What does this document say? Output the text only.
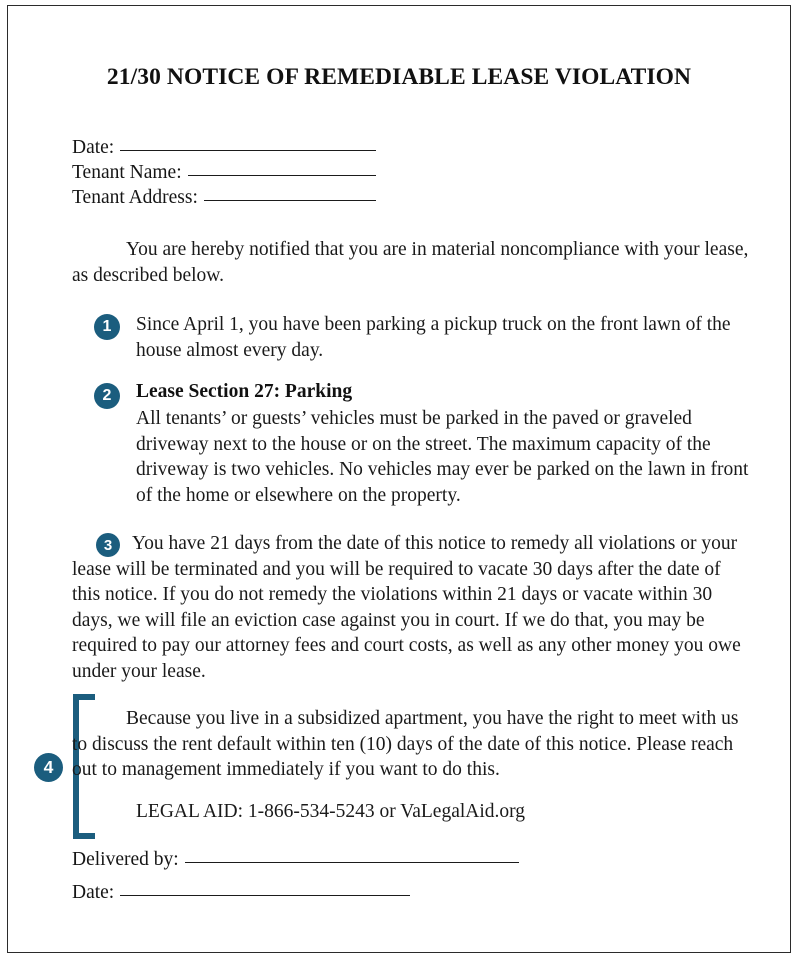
21/30 NOTICE OF REMEDIABLE LEASE VIOLATION
Date:
Tenant Name:
Tenant Address:
You are hereby notified that you are in material noncompliance with your lease, as described below.
1	Since April 1, you have been parking a pickup truck on the front lawn of the house almost every day.
2	Lease Section 27: Parking
All tenants’ or guests’ vehicles must be parked in the paved or graveled driveway next to the house or on the street. The maximum capacity of the driveway is two vehicles. No vehicles may ever be parked on the lawn in front of the home or elsewhere on the property.
3	You have 21 days from the date of this notice to remedy all violations or your lease will be terminated and you will be required to vacate 30 days after the date of this notice. If you do not remedy the violations within 21 days or vacate within 30 days, we will file an eviction case against you in court. If we do that, you may be required to pay our attorney fees and court costs, as well as any other money you owe under your lease.
4
Because you live in a subsidized apartment, you have the right to meet with us to discuss the rent default within ten (10) days of the date of this notice. Please reach out to management immediately if you want to do this.
LEGAL AID: 1-866-534-5243 or VaLegalAid.org
Delivered by:
Date:
